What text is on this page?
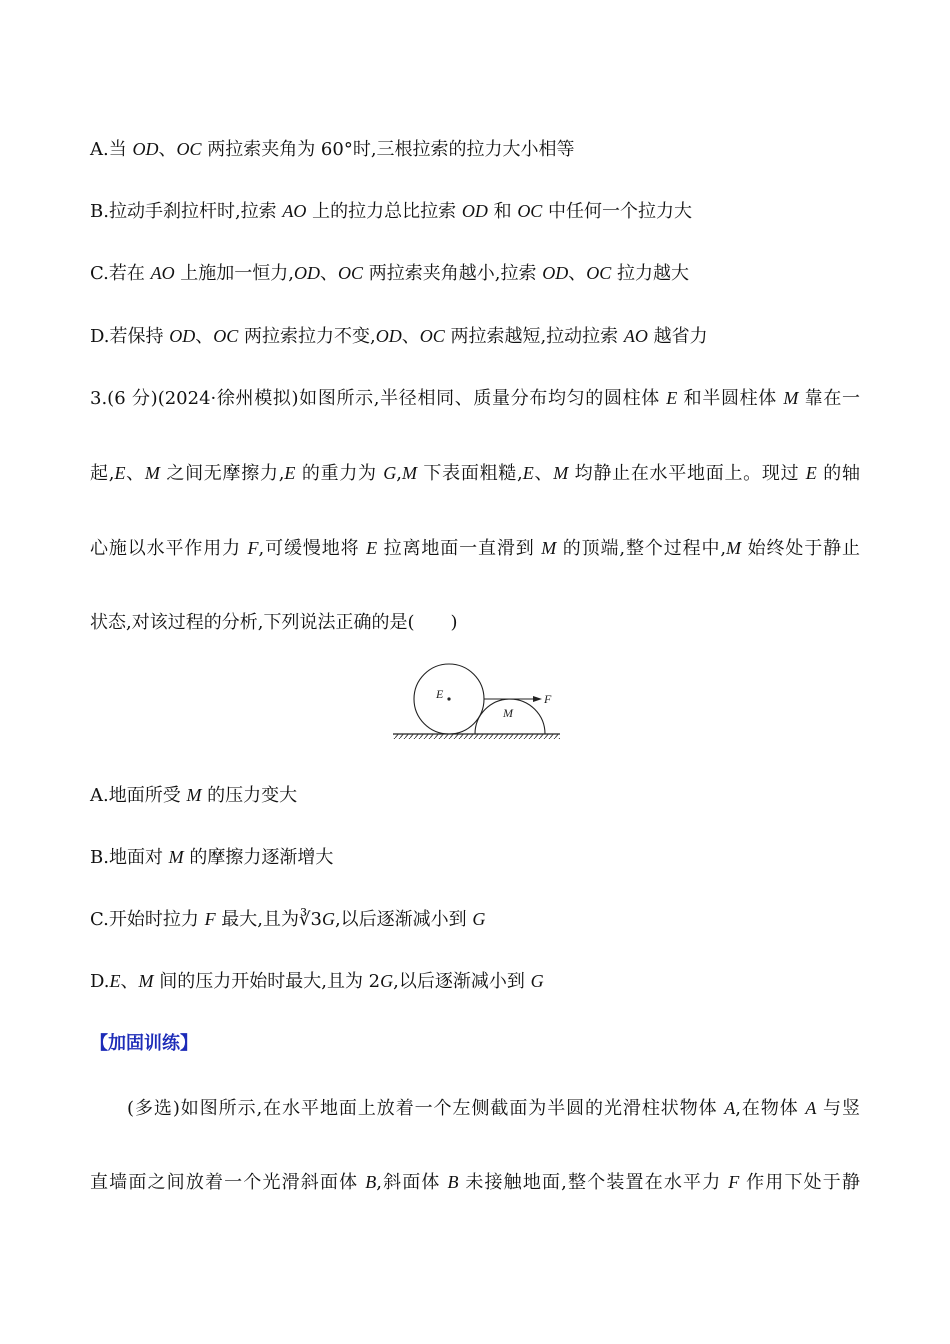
A.当 OD、OC 两拉索夹角为 60°时,三根拉索的拉力大小相等
B.拉动手刹拉杆时,拉索 AO 上的拉力总比拉索 OD 和 OC 中任何一个拉力大
C.若在 AO 上施加一恒力,OD、OC 两拉索夹角越小,拉索 OD、OC 拉力越大
D.若保持 OD、OC 两拉索拉力不变,OD、OC 两拉索越短,拉动拉索 AO 越省力
3.(6 分)(2024·徐州模拟)如图所示,半径相同、质量分布均匀的圆柱体 E 和半圆柱体 M 靠在一
起,E、M 之间无摩擦力,E 的重力为 G,M 下表面粗糙,E、M 均静止在水平地面上。现过 E 的轴
心施以水平作用力 F,可缓慢地将 E 拉离地面一直滑到 M 的顶端,整个过程中,M 始终处于静止
状态,对该过程的分析,下列说法正确的是(　　)
E
M
F
A.地面所受 M 的压力变大
B.地面对 M 的摩擦力逐渐增大
C.开始时拉力 F 最大,且为∛3G,以后逐渐减小到 G
D.E、M 间的压力开始时最大,且为 2G,以后逐渐减小到 G
【加固训练】
(多选)如图所示,在水平地面上放着一个左侧截面为半圆的光滑柱状物体 A,在物体 A 与竖
直墙面之间放着一个光滑斜面体 B,斜面体 B 未接触地面,整个装置在水平力 F 作用下处于静
